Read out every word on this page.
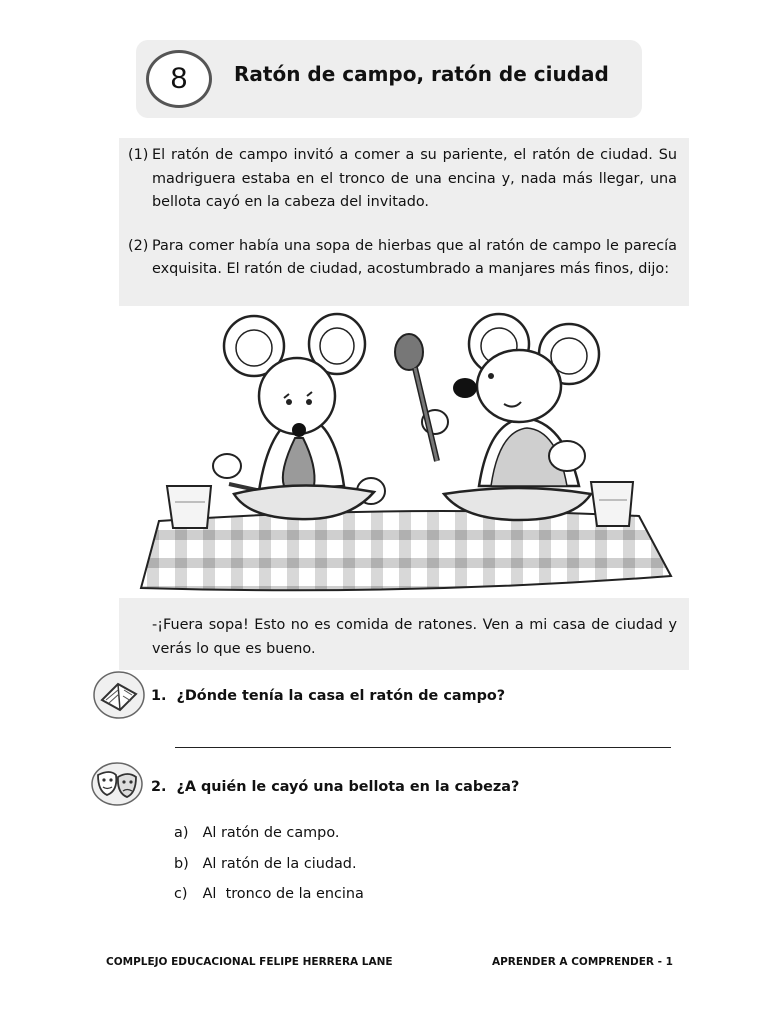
8	Ratón de campo, ratón de ciudad
(1) El ratón de campo invitó a comer a su pariente, el ratón de ciudad. Su madriguera estaba en el tronco de una encina y, nada más llegar, una bellota cayó en la cabeza del invitado.
(2) Para comer había una sopa de hierbas que al ratón de campo le parecía exquisita. El ratón de ciudad, acostumbrado a manjares más finos, dijo:
-¡Fuera sopa! Esto no es comida de ratones. Ven a mi casa de ciudad y verás lo que es bueno.
1. ¿Dónde tenía la casa el ratón de campo?
2. ¿A quién le cayó una bellota en la cabeza?
a) Al ratón de campo.
b) Al ratón de la ciudad.
c) Al  tronco de la encina
COMPLEJO EDUCACIONAL FELIPE HERRERA LANE	APRENDER A COMPRENDER - 1
